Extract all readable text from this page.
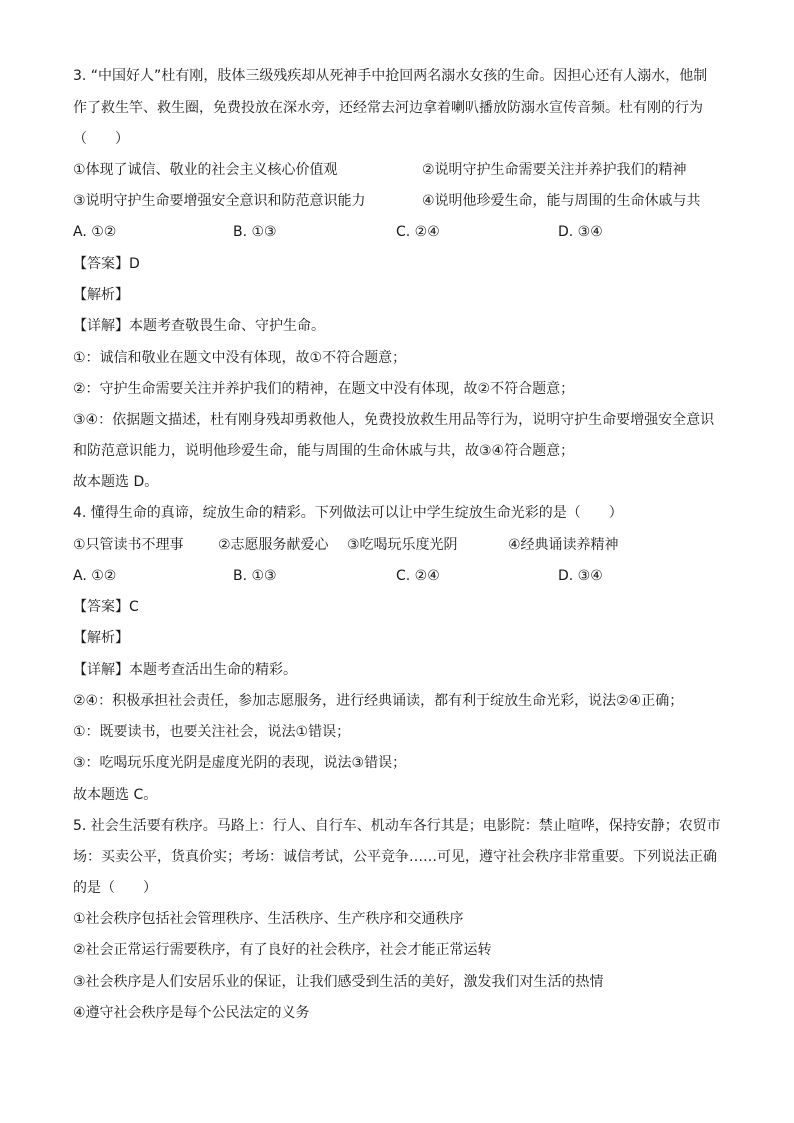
3. “中国好人”杜有刚，肢体三级残疾却从死神手中抢回两名溺水女孩的生命。因担心还有人溺水，他制
作了救生竿、救生圈，免费投放在深水旁，还经常去河边拿着喇叭播放防溺水宣传音频。杜有刚的行为
（　　）
①体现了诚信、敬业的社会主义核心价值观	②说明守护生命需要关注并养护我们的精神
③说明守护生命要增强安全意识和防范意识能力	④说明他珍爱生命，能与周围的生命休戚与共
A. ①②	B. ①③	C. ②④	D. ③④
【答案】D
【解析】
【详解】本题考查敬畏生命、守护生命。
①：诚信和敬业在题文中没有体现，故①不符合题意；
②：守护生命需要关注并养护我们的精神，在题文中没有体现，故②不符合题意；
③④：依据题文描述，杜有刚身残却勇救他人，免费投放救生用品等行为，说明守护生命要增强安全意识
和防范意识能力，说明他珍爱生命，能与周围的生命休戚与共，故③④符合题意；
故本题选 D。
4. 懂得生命的真谛，绽放生命的精彩。下列做法可以让中学生绽放生命光彩的是（　　）
①只管读书不理事 ②志愿服务献爱心 ③吃喝玩乐度光阴	④经典诵读养精神
A. ①②	B. ①③	C. ②④	D. ③④
【答案】C
【解析】
【详解】本题考查活出生命的精彩。
②④：积极承担社会责任，参加志愿服务，进行经典诵读，都有利于绽放生命光彩，说法②④正确；
①：既要读书，也要关注社会，说法①错误；
③：吃喝玩乐度光阴是虚度光阴的表现，说法③错误；
故本题选 C。
5. 社会生活要有秩序。马路上：行人、自行车、机动车各行其是；电影院：禁止喧哗，保持安静；农贸市
场：买卖公平，货真价实；考场：诚信考试，公平竞争……可见，遵守社会秩序非常重要。下列说法正确
的是（　　）
①社会秩序包括社会管理秩序、生活秩序、生产秩序和交通秩序
②社会正常运行需要秩序，有了良好的社会秩序，社会才能正常运转
③社会秩序是人们安居乐业的保证，让我们感受到生活的美好，激发我们对生活的热情
④遵守社会秩序是每个公民法定的义务
